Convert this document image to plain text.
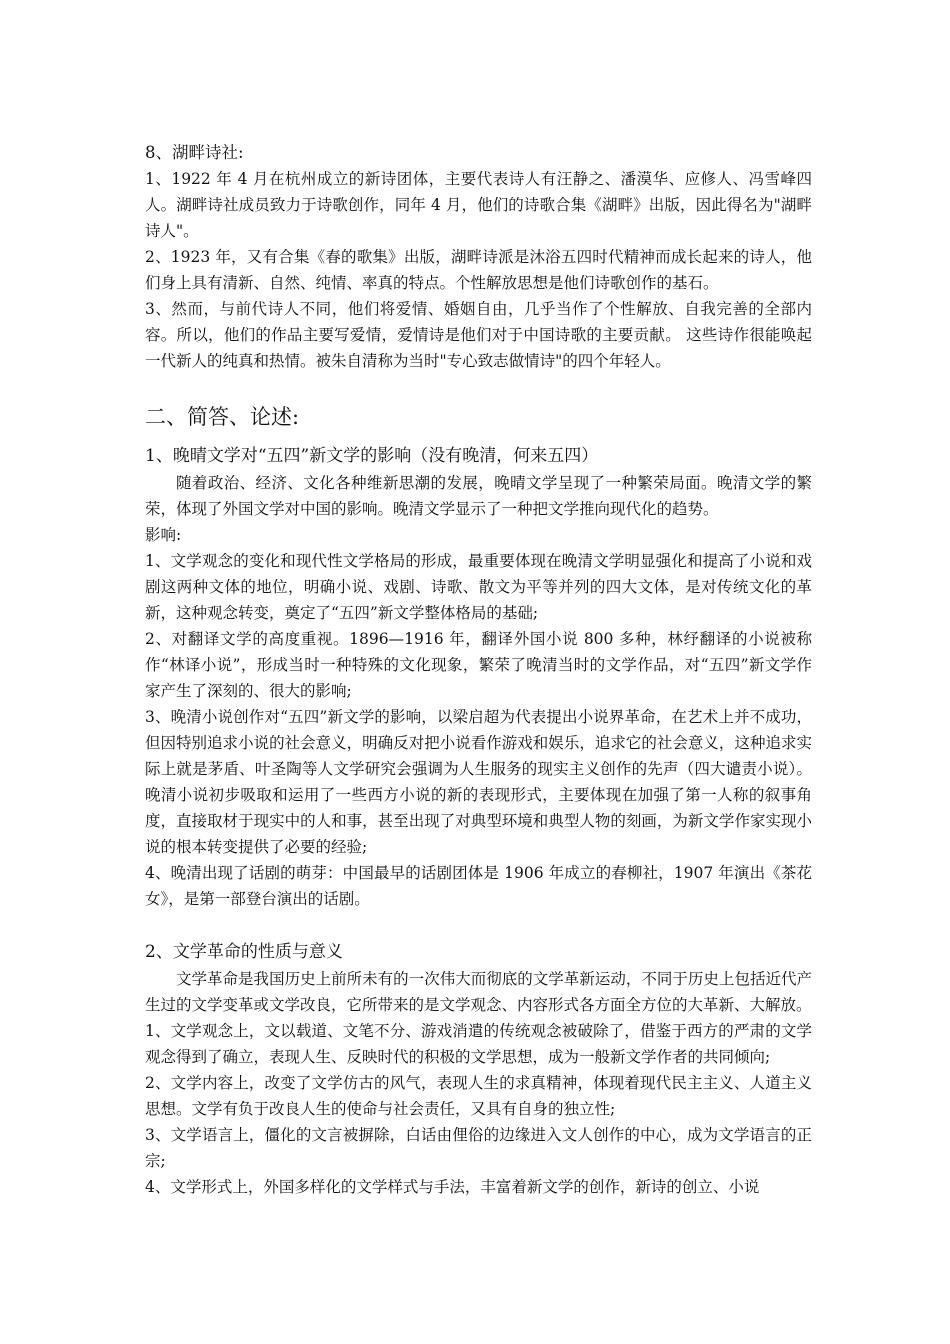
8、湖畔诗社:

1、1922 年 4 月在杭州成立的新诗团体，主要代表诗人有汪静之、潘漠华、应修人、冯雪峰四人。湖畔诗社成员致力于诗歌创作，同年 4 月，他们的诗歌合集《湖畔》出版，因此得名为"湖畔诗人"。

2、1923 年，又有合集《春的歌集》出版，湖畔诗派是沐浴五四时代精神而成长起来的诗人，他们身上具有清新、自然、纯情、率真的特点。个性解放思想是他们诗歌创作的基石。

3、然而，与前代诗人不同，他们将爱情、婚姻自由，几乎当作了个性解放、自我完善的全部内容。所以，他们的作品主要写爱情，爱情诗是他们对于中国诗歌的主要贡献。 这些诗作很能唤起一代新人的纯真和热情。被朱自清称为当时"专心致志做情诗"的四个年轻人。

二、简答、论述:

1、晚晴文学对“五四”新文学的影响（没有晚清，何来五四）

随着政治、经济、文化各种维新思潮的发展，晚晴文学呈现了一种繁荣局面。晚清文学的繁荣，体现了外国文学对中国的影响。晚清文学显示了一种把文学推向现代化的趋势。

影响:

1、文学观念的变化和现代性文学格局的形成，最重要体现在晚清文学明显强化和提高了小说和戏剧这两种文体的地位，明确小说、戏剧、诗歌、散文为平等并列的四大文体，是对传统文化的革新，这种观念转变，奠定了“五四”新文学整体格局的基础;

2、对翻译文学的高度重视。1896—1916 年，翻译外国小说 800 多种，林纾翻译的小说被称作“林译小说”，形成当时一种特殊的文化现象，繁荣了晚清当时的文学作品，对“五四”新文学作家产生了深刻的、很大的影响;

3、晚清小说创作对“五四”新文学的影响，以梁启超为代表提出小说界革命，在艺术上并不成功，但因特别追求小说的社会意义，明确反对把小说看作游戏和娱乐，追求它的社会意义，这种追求实际上就是茅盾、叶圣陶等人文学研究会强调为人生服务的现实主义创作的先声（四大谴责小说）。晚清小说初步吸取和运用了一些西方小说的新的表现形式，主要体现在加强了第一人称的叙事角度，直接取材于现实中的人和事，甚至出现了对典型环境和典型人物的刻画，为新文学作家实现小说的根本转变提供了必要的经验;

4、晚清出现了话剧的萌芽：中国最早的话剧团体是 1906 年成立的春柳社，1907 年演出《茶花女》，是第一部登台演出的话剧。

2、文学革命的性质与意义

文学革命是我国历史上前所未有的一次伟大而彻底的文学革新运动，不同于历史上包括近代产生过的文学变革或文学改良，它所带来的是文学观念、内容形式各方面全方位的大革新、大解放。

1、文学观念上，文以载道、文笔不分、游戏消遣的传统观念被破除了，借鉴于西方的严肃的文学观念得到了确立，表现人生、反映时代的积极的文学思想，成为一般新文学作者的共同倾向;

2、文学内容上，改变了文学仿古的风气，表现人生的求真精神，体现着现代民主主义、人道主义思想。文学有负于改良人生的使命与社会责任，又具有自身的独立性;

3、文学语言上，僵化的文言被摒除，白话由俚俗的边缘进入文人创作的中心，成为文学语言的正宗;

4、文学形式上，外国多样化的文学样式与手法，丰富着新文学的创作，新诗的创立、小说
